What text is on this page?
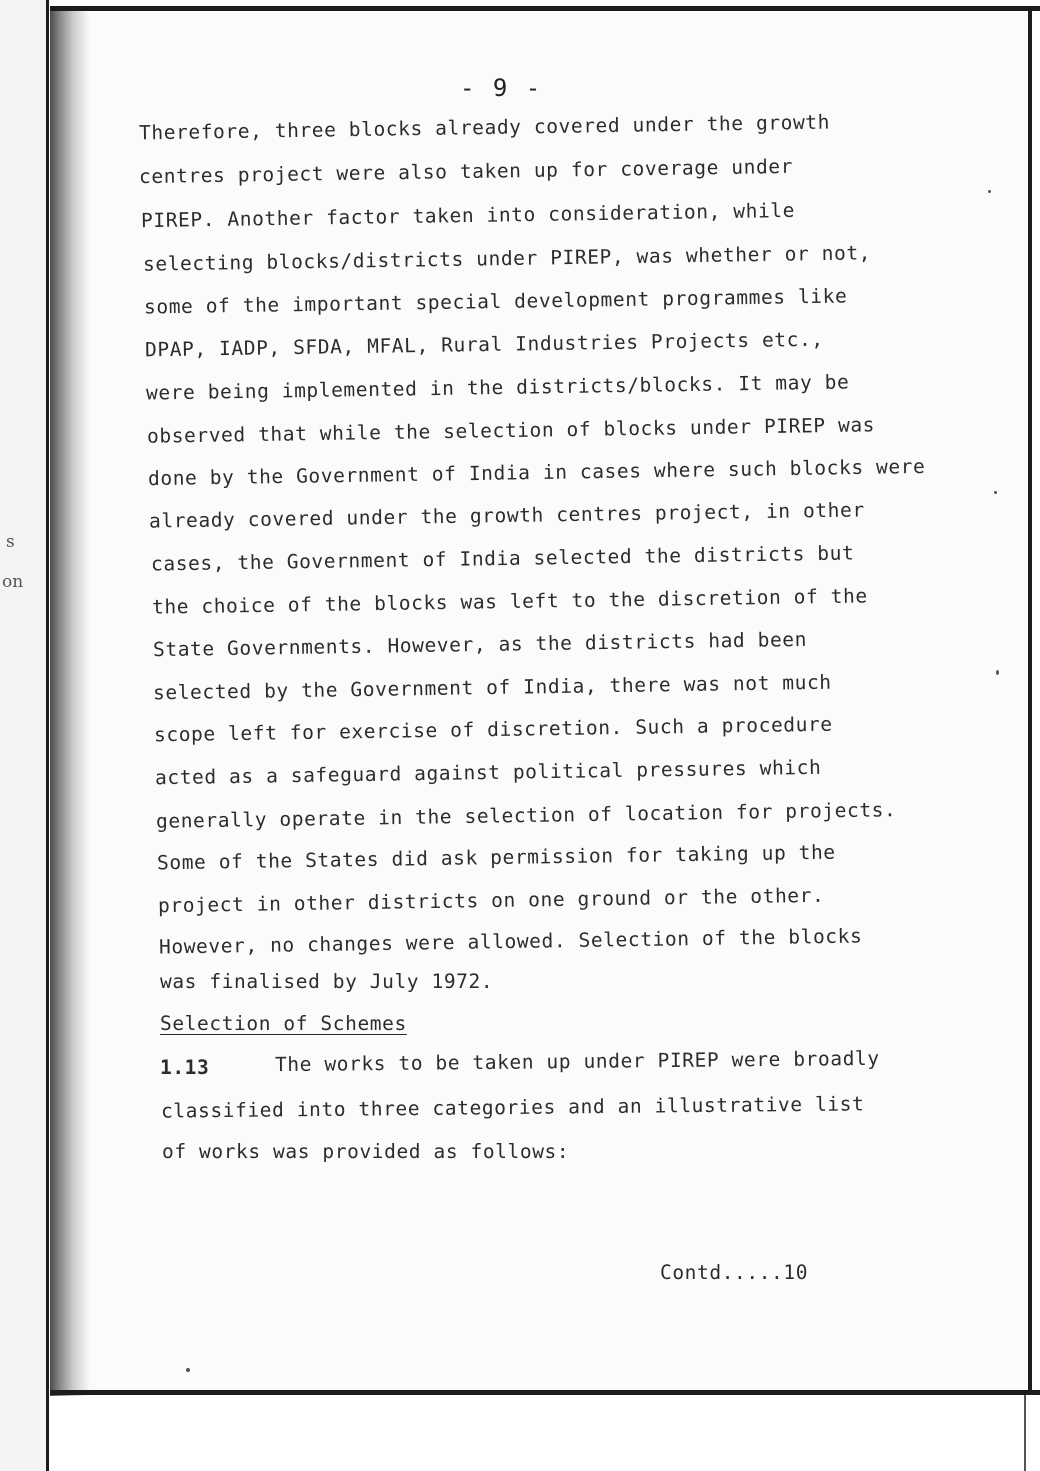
s
on
- 9 -
Therefore, three blocks already covered under the growth
centres project were also taken up for coverage under
PIREP. Another factor taken into consideration, while
selecting blocks/districts under PIREP, was whether or not,
some of the important special development programmes like
DPAP, IADP, SFDA, MFAL, Rural Industries Projects etc.,
were being implemented in the districts/blocks. It may be
observed that while the selection of blocks under PIREP was
done by the Government of India in cases where such blocks were
already covered under the growth centres project, in other
cases, the Government of India selected the districts but
the choice of the blocks was left to the discretion of the
State Governments. However, as the districts had been
selected by the Government of India, there was not much
scope left for exercise of discretion. Such a procedure
acted as a safeguard against political pressures which
generally operate in the selection of location for projects.
Some of the States did ask permission for taking up the
project in other districts on one ground or the other.
However, no changes were allowed. Selection of the blocks
was finalised by July 1972.
Selection of Schemes
1.13	The works to be taken up under PIREP were broadly
classified into three categories and an illustrative list
of works was provided as follows:
Contd.....10
